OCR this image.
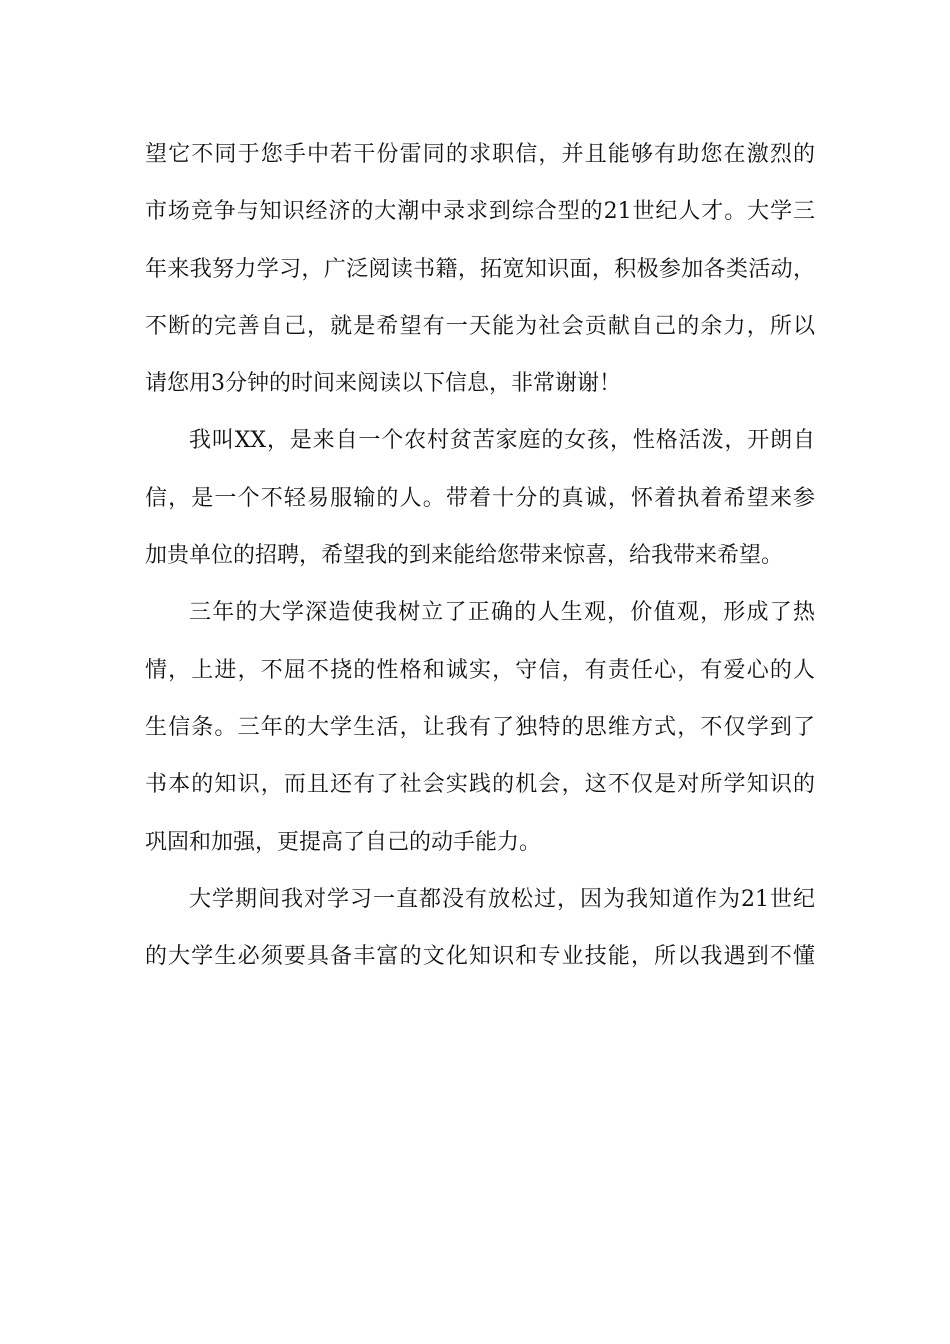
望它不同于您手中若干份雷同的求职信，并且能够有助您在激烈的
市场竞争与知识经济的大潮中录求到综合型的21世纪人才。大学三
年来我努力学习，广泛阅读书籍，拓宽知识面，积极参加各类活动，
不断的完善自己，就是希望有一天能为社会贡献自己的余力，所以
请您用3分钟的时间来阅读以下信息，非常谢谢！
我叫XX，是来自一个农村贫苦家庭的女孩，性格活泼，开朗自
信，是一个不轻易服输的人。带着十分的真诚，怀着执着希望来参
加贵单位的招聘，希望我的到来能给您带来惊喜，给我带来希望。
三年的大学深造使我树立了正确的人生观，价值观，形成了热
情，上进，不屈不挠的性格和诚实，守信，有责任心，有爱心的人
生信条。三年的大学生活，让我有了独特的思维方式，不仅学到了
书本的知识，而且还有了社会实践的机会，这不仅是对所学知识的
巩固和加强，更提高了自己的动手能力。
大学期间我对学习一直都没有放松过，因为我知道作为21世纪
的大学生必须要具备丰富的文化知识和专业技能，所以我遇到不懂
